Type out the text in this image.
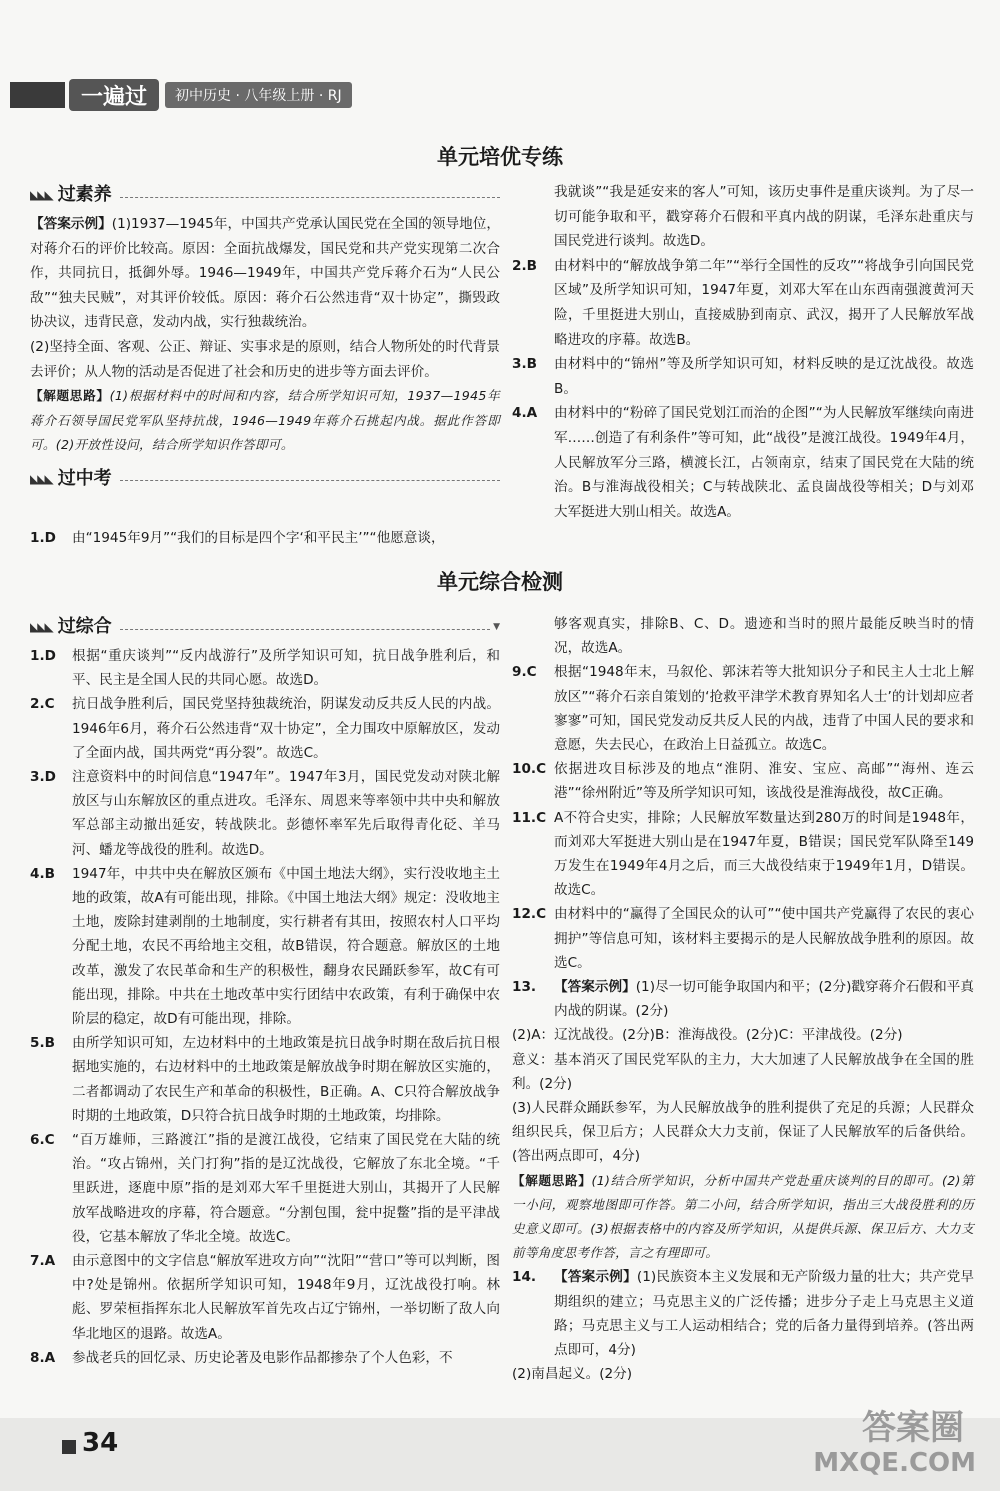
一遍过	初中历史 · 八年级上册 · RJ
单元培优专练
◣◣◣ 过素养

【答案示例】(1)1937—1945年，中国共产党承认国民党在全国的领导地位，对蒋介石的评价比较高。原因：全面抗战爆发，国民党和共产党实现第二次合作，共同抗日，抵御外辱。1946—1949年，中国共产党斥蒋介石为“人民公敌”“独夫民贼”，对其评价较低。原因：蒋介石公然违背“双十协定”，撕毁政协决议，违背民意，发动内战，实行独裁统治。

(2)坚持全面、客观、公正、辩证、实事求是的原则，结合人物所处的时代背景去评价；从人物的活动是否促进了社会和历史的进步等方面去评价。

【解题思路】(1)根据材料中的时间和内容，结合所学知识可知，1937—1945年蒋介石领导国民党军队坚持抗战，1946—1949年蒋介石挑起内战。据此作答即可。(2)开放性设问，结合所学知识作答即可。

◣◣◣ 过中考
1.D	由“1945年9月”“我们的目标是四个字‘和平民主’”“他愿意谈，

我就谈”“我是延安来的客人”可知，该历史事件是重庆谈判。为了尽一切可能争取和平，戳穿蒋介石假和平真内战的阴谋，毛泽东赴重庆与国民党进行谈判。故选D。

2.B	由材料中的“解放战争第二年”“举行全国性的反攻”“将战争引向国民党区域”及所学知识可知，1947年夏，刘邓大军在山东西南强渡黄河天险，千里挺进大别山，直接威胁到南京、武汉，揭开了人民解放军战略进攻的序幕。故选B。
3.B	由材料中的“锦州”等及所学知识可知，材料反映的是辽沈战役。故选B。
4.A	由材料中的“粉碎了国民党划江而治的企图”“为人民解放军继续向南进军……创造了有利条件”等可知，此“战役”是渡江战役。1949年4月，人民解放军分三路，横渡长江，占领南京，结束了国民党在大陆的统治。B与淮海战役相关；C与转战陕北、孟良崮战役等相关；D与刘邓大军挺进大别山相关。故选A。
单元综合检测
◣◣◣ 过综合	▼
1.D	根据“重庆谈判”“反内战游行”及所学知识可知，抗日战争胜利后，和平、民主是全国人民的共同心愿。故选D。
2.C	抗日战争胜利后，国民党坚持独裁统治，阴谋发动反共反人民的内战。1946年6月，蒋介石公然违背“双十协定”，全力围攻中原解放区，发动了全面内战，国共两党“再分裂”。故选C。
3.D	注意资料中的时间信息“1947年”。1947年3月，国民党发动对陕北解放区与山东解放区的重点进攻。毛泽东、周恩来等率领中共中央和解放军总部主动撤出延安，转战陕北。彭德怀率军先后取得青化砭、羊马河、蟠龙等战役的胜利。故选D。
4.B	1947年，中共中央在解放区颁布《中国土地法大纲》，实行没收地主土地的政策，故A有可能出现，排除。《中国土地法大纲》规定：没收地主土地，废除封建剥削的土地制度，实行耕者有其田，按照农村人口平均分配土地，农民不再给地主交租，故B错误，符合题意。解放区的土地改革，激发了农民革命和生产的积极性，翻身农民踊跃参军，故C有可能出现，排除。中共在土地改革中实行团结中农政策，有利于确保中农阶层的稳定，故D有可能出现，排除。
5.B	由所学知识可知，左边材料中的土地政策是抗日战争时期在敌后抗日根据地实施的，右边材料中的土地政策是解放战争时期在解放区实施的，二者都调动了农民生产和革命的积极性，B正确。A、C只符合解放战争时期的土地政策，D只符合抗日战争时期的土地政策，均排除。
6.C	“百万雄师，三路渡江”指的是渡江战役，它结束了国民党在大陆的统治。“攻占锦州，关门打狗”指的是辽沈战役，它解放了东北全境。“千里跃进，逐鹿中原”指的是刘邓大军千里挺进大别山，其揭开了人民解放军战略进攻的序幕，符合题意。“分割包围，瓮中捉鳖”指的是平津战役，它基本解放了华北全境。故选C。
7.A	由示意图中的文字信息“解放军进攻方向”“沈阳”“营口”等可以判断，图中?处是锦州。依据所学知识可知，1948年9月，辽沈战役打响。林彪、罗荣桓指挥东北人民解放军首先攻占辽宁锦州，一举切断了敌人向华北地区的退路。故选A。
8.A	参战老兵的回忆录、历史论著及电影作品都掺杂了个人色彩，不

够客观真实，排除B、C、D。遗迹和当时的照片最能反映当时的情况，故选A。

9.C	根据“1948年末，马叙伦、郭沫若等大批知识分子和民主人士北上解放区”“蒋介石亲自策划的‘抢救平津学术教育界知名人士’的计划却应者寥寥”可知，国民党发动反共反人民的内战，违背了中国人民的要求和意愿，失去民心，在政治上日益孤立。故选C。
10.C 依据进攻目标涉及的地点“淮阴、淮安、宝应、高邮”“海州、连云港”“徐州附近”等及所学知识可知，该战役是淮海战役，故C正确。
11.C A不符合史实，排除；人民解放军数量达到280万的时间是1948年，而刘邓大军挺进大别山是在1947年夏，B错误；国民党军队降至149万发生在1949年4月之后，而三大战役结束于1949年1月，D错误。故选C。
12.C 由材料中的“赢得了全国民众的认可”“使中国共产党赢得了农民的衷心拥护”等信息可知，该材料主要揭示的是人民解放战争胜利的原因。故选C。
13.	【答案示例】(1)尽一切可能争取国内和平；(2分)戳穿蒋介石假和平真内战的阴谋。(2分)

(2)A：辽沈战役。(2分)B：淮海战役。(2分)C：平津战役。(2分)

意义：基本消灭了国民党军队的主力，大大加速了人民解放战争在全国的胜利。(2分)

(3)人民群众踊跃参军，为人民解放战争的胜利提供了充足的兵源；人民群众组织民兵，保卫后方；人民群众大力支前，保证了人民解放军的后备供给。(答出两点即可，4分)

【解题思路】(1)结合所学知识，分析中国共产党赴重庆谈判的目的即可。(2)第一小问，观察地图即可作答。第二小问，结合所学知识，指出三大战役胜利的历史意义即可。(3)根据表格中的内容及所学知识，从提供兵源、保卫后方、大力支前等角度思考作答，言之有理即可。

14.	【答案示例】(1)民族资本主义发展和无产阶级力量的壮大；共产党早期组织的建立；马克思主义的广泛传播；进步分子走上马克思主义道路；马克思主义与工人运动相结合；党的后备力量得到培养。(答出两点即可，4分)

(2)南昌起义。(2分)

34	答案圈
MXQE.COM
